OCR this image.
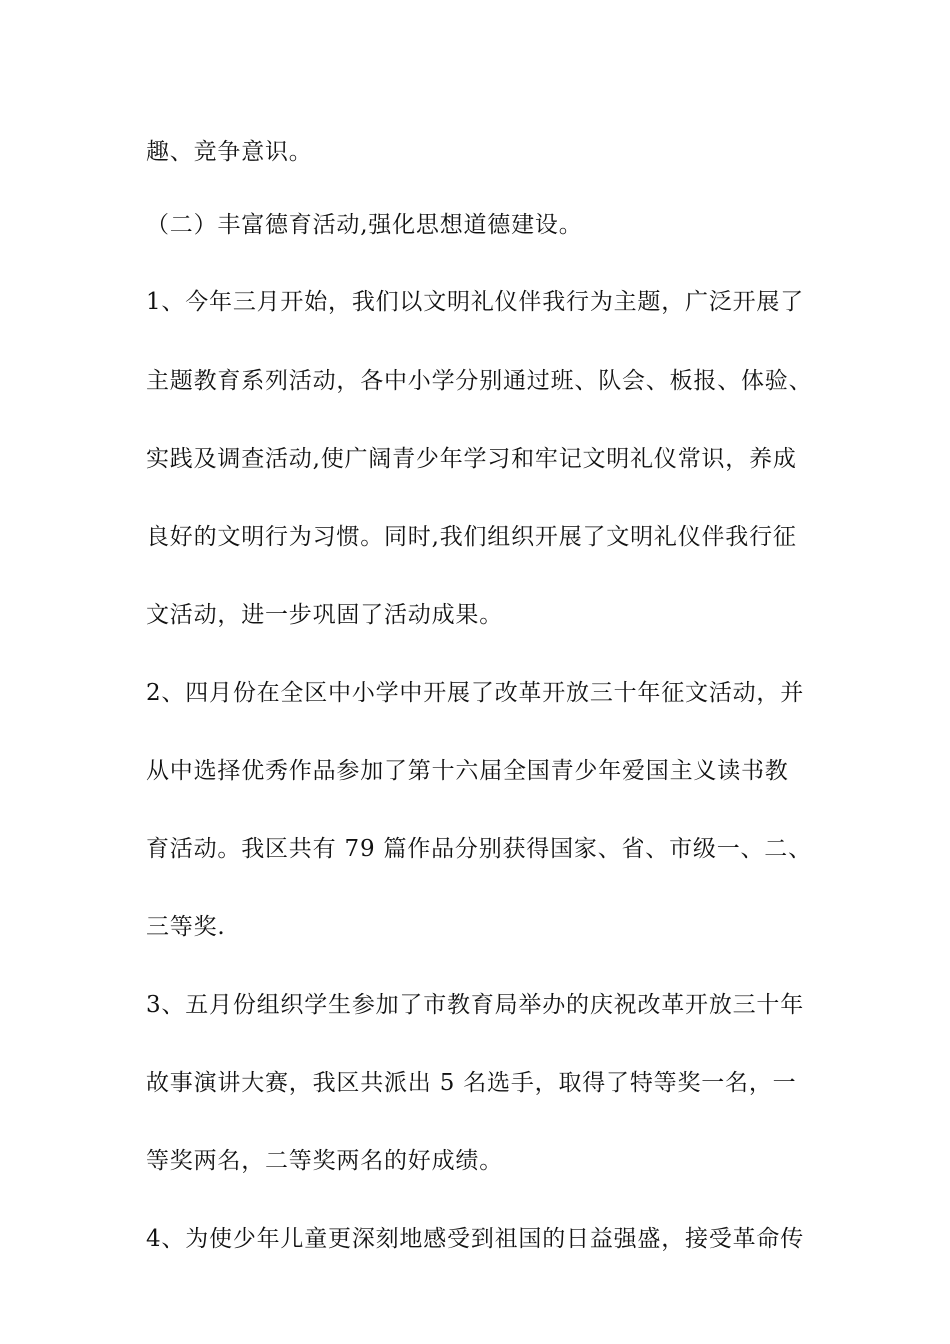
趣、竞争意识。

（二）丰富德育活动,强化思想道德建设。

1、今年三月开始，我们以文明礼仪伴我行为主题，广泛开展了

主题教育系列活动，各中小学分别通过班、队会、板报、体验、

实践及调查活动,使广阔青少年学习和牢记文明礼仪常识，养成

良好的文明行为习惯。同时,我们组织开展了文明礼仪伴我行征

文活动，进一步巩固了活动成果。

2、四月份在全区中小学中开展了改革开放三十年征文活动，并

从中选择优秀作品参加了第十六届全国青少年爱国主义读书教

育活动。我区共有 79 篇作品分别获得国家、省、市级一、二、

三等奖.

3、五月份组织学生参加了市教育局举办的庆祝改革开放三十年

故事演讲大赛，我区共派出 5 名选手，取得了特等奖一名，一

等奖两名，二等奖两名的好成绩。

4、为使少年儿童更深刻地感受到祖国的日益强盛，接受革命传
